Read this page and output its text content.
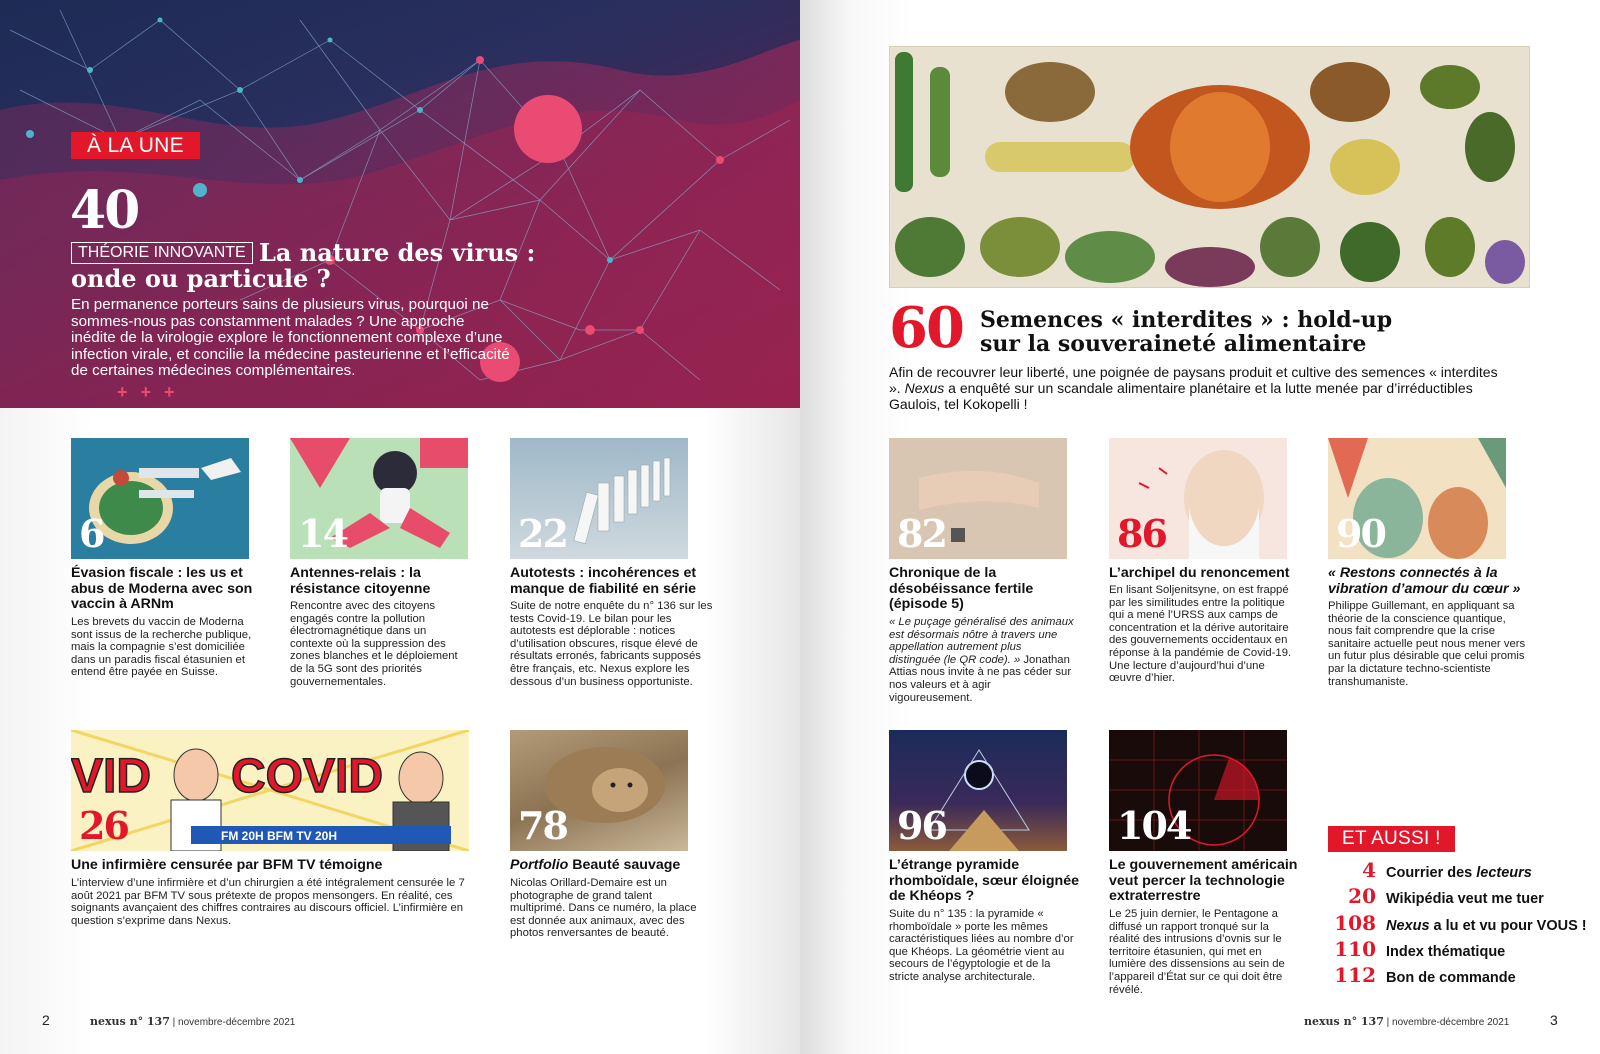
À LA UNE
40
La nature des virus : onde ou particule ?
THÉORIE INNOVANTE
En permanence porteurs sains de plusieurs virus, pourquoi ne sommes-nous pas constamment malades ? Une approche inédite de la virologie explore le fonctionnement complexe d’une infection virale, et concilie la médecine pasteurienne et l’efficacité de certaines médecines complémentaires.
+ + +
6
Évasion fiscale : les us et abus de Moderna avec son vaccin à ARNm
Les brevets du vaccin de Moderna sont issus de la recherche publique, mais la compagnie s’est domiciliée dans un paradis fiscal étasunien et entend être payée en Suisse.
14
Antennes-relais : la résistance citoyenne
Rencontre avec des citoyens engagés contre la pollution électromagnétique dans un contexte où la suppression des zones blanches et le déploiement de la 5G sont des priorités gouvernementales.
22
Autotests : incohérences et manque de fiabilité en série
Suite de notre enquête du n° 136 sur les tests Covid-19. Le bilan pour les autotests est déplorable : notices d’utilisation obscures, risque élevé de résultats erronés, fabricants supposés être français, etc. Nexus explore les dessous d’un business opportuniste.
VID COVID
FM 20H BFM TV 20H
26
Une infirmière censurée par BFM TV témoigne
L’interview d’une infirmière et d’un chirurgien a été intégralement censurée le 7 août 2021 par BFM TV sous prétexte de propos mensongers. En réalité, ces soignants avançaient des chiffres contraires au discours officiel. L’infirmière en question s’exprime dans Nexus.
78
Portfolio Beauté sauvage
Nicolas Orillard-Demaire est un photographe de grand talent multiprimé. Dans ce numéro, la place est donnée aux animaux, avec des photos renversantes de beauté.
2	nexus n° 137 | novembre-décembre 2021
60 Semences « interdites » : hold-up
sur la souveraineté alimentaire
Afin de recouvrer leur liberté, une poignée de paysans produit et cultive des semences « interdites ». Nexus a enquêté sur un scandale alimentaire planétaire et la lutte menée par d’irréductibles Gaulois, tel Kokopelli !
82
Chronique de la désobéissance fertile (épisode 5)
« Le puçage généralisé des animaux est désormais nôtre à travers une appellation autrement plus distinguée (le QR code). » Jonathan Attias nous invite à ne pas céder sur nos valeurs et à agir vigoureusement.
86
L’archipel du renoncement
En lisant Soljenitsyne, on est frappé par les similitudes entre la politique qui a mené l’URSS aux camps de concentration et la dérive autoritaire des gouvernements occidentaux en réponse à la pandémie de Covid-19. Une lecture d’aujourd’hui d’une œuvre d’hier.
90
« Restons connectés à la vibration d’amour du cœur »
Philippe Guillemant, en appliquant sa théorie de la conscience quantique, nous fait comprendre que la crise sanitaire actuelle peut nous mener vers un futur plus désirable que celui promis par la dictature techno-scientiste transhumaniste.
96
L’étrange pyramide rhomboïdale, sœur éloignée de Khéops ?
Suite du n° 135 : la pyramide « rhomboïdale » porte les mêmes caractéristiques liées au nombre d’or que Khéops. La géométrie vient au secours de l’égyptologie et de la stricte analyse architecturale.
104
Le gouvernement américain veut percer la technologie extraterrestre
Le 25 juin dernier, le Pentagone a diffusé un rapport tronqué sur la réalité des intrusions d’ovnis sur le territoire étasunien, qui met en lumière des dissensions au sein de l’appareil d’État sur ce qui doit être révélé.
ET AUSSI !
4 Courrier des lecteurs
20 Wikipédia veut me tuer
108 Nexus a lu et vu pour VOUS !
110 Index thématique
112 Bon de commande
nexus n° 137 | novembre-décembre 2021	3
